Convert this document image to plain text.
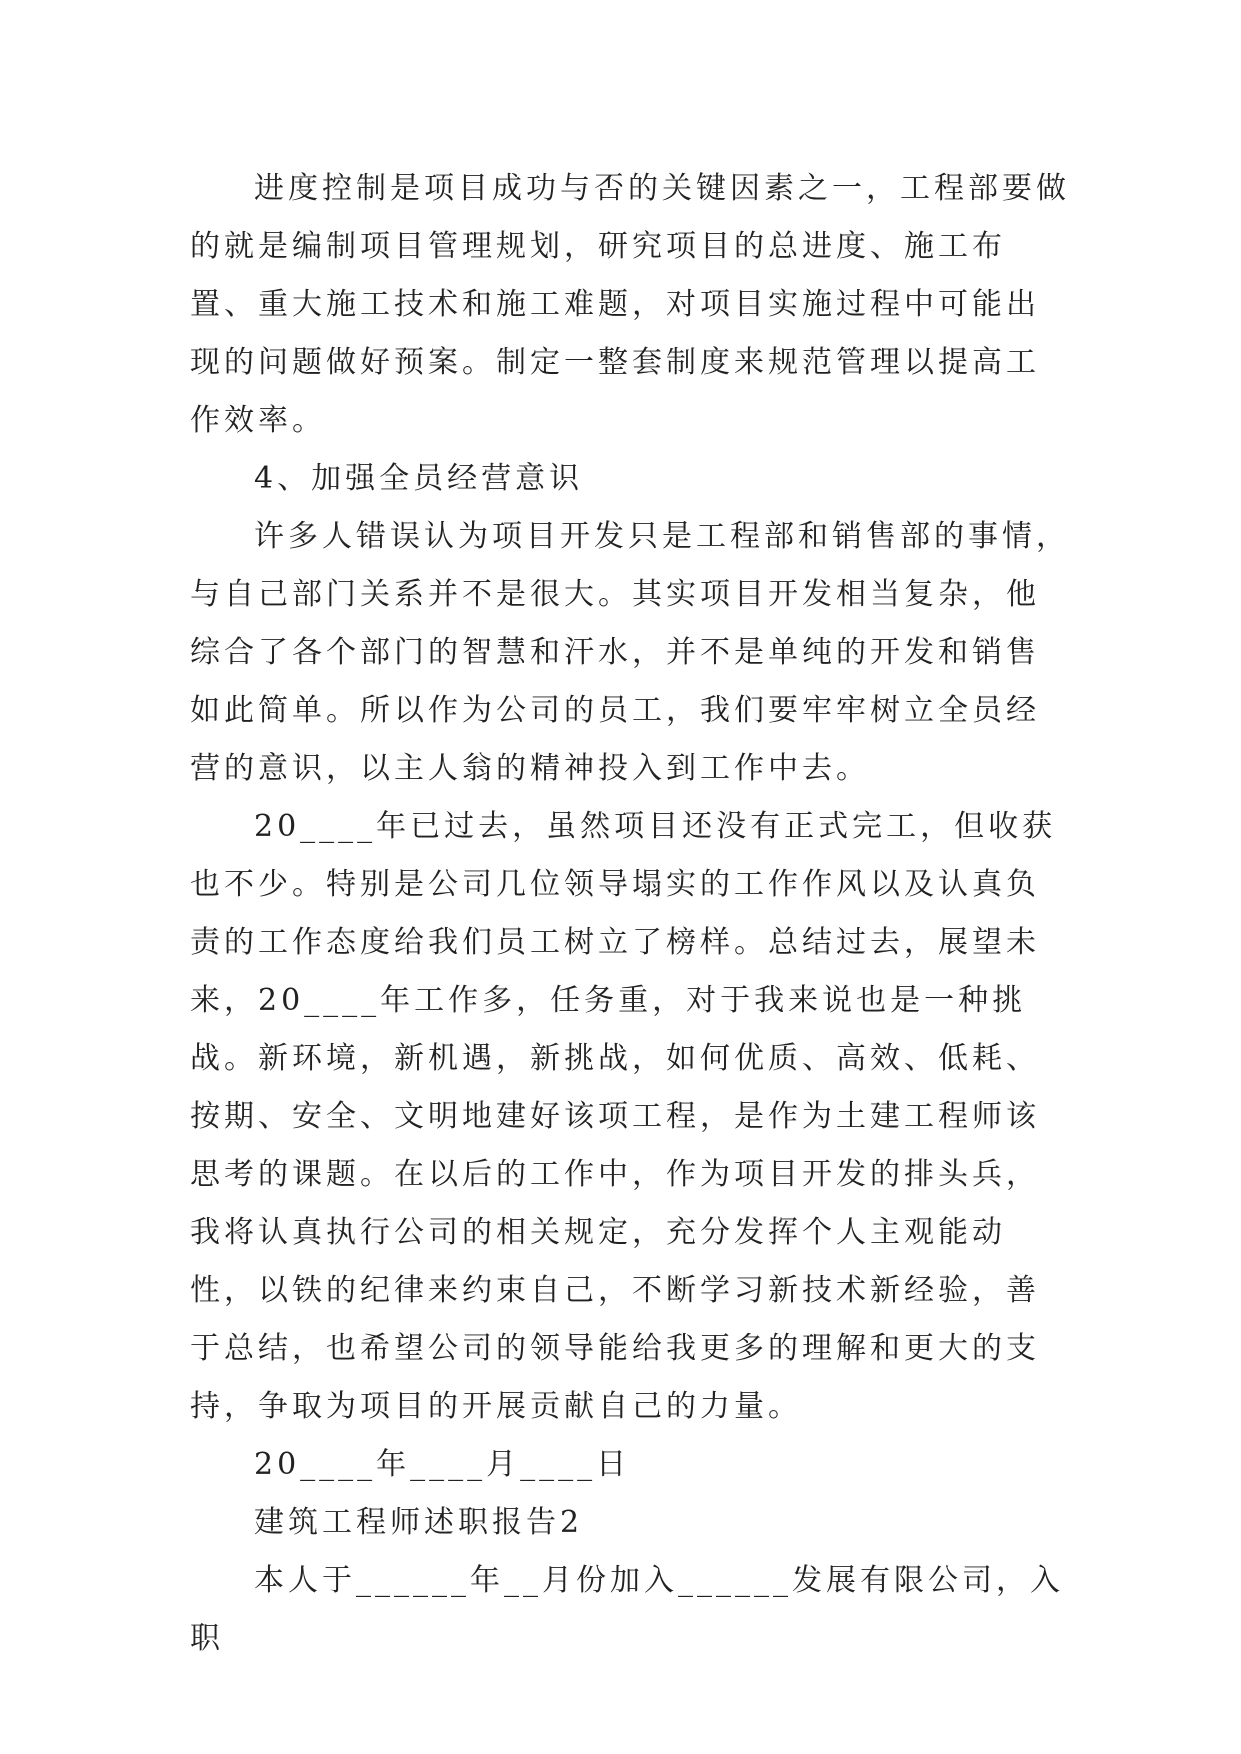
进度控制是项目成功与否的关键因素之一，工程部要做的就是编制项目管理规划，研究项目的总进度、施工布置、重大施工技术和施工难题，对项目实施过程中可能出现的问题做好预案。制定一整套制度来规范管理以提高工作效率。

4、加强全员经营意识

许多人错误认为项目开发只是工程部和销售部的事情，与自己部门关系并不是很大。其实项目开发相当复杂，他综合了各个部门的智慧和汗水，并不是单纯的开发和销售如此简单。所以作为公司的员工，我们要牢牢树立全员经营的意识，以主人翁的精神投入到工作中去。

20____年已过去，虽然项目还没有正式完工，但收获也不少。特别是公司几位领导塌实的工作作风以及认真负责的工作态度给我们员工树立了榜样。总结过去，展望未来，20____年工作多，任务重，对于我来说也是一种挑战。新环境，新机遇，新挑战，如何优质、高效、低耗、按期、安全、文明地建好该项工程，是作为土建工程师该思考的课题。在以后的工作中，作为项目开发的排头兵，我将认真执行公司的相关规定，充分发挥个人主观能动性，以铁的纪律来约束自己，不断学习新技术新经验，善于总结，也希望公司的领导能给我更多的理解和更大的支持，争取为项目的开展贡献自己的力量。

20____年____月____日

建筑工程师述职报告2

本人于______年__月份加入______发展有限公司，入职
